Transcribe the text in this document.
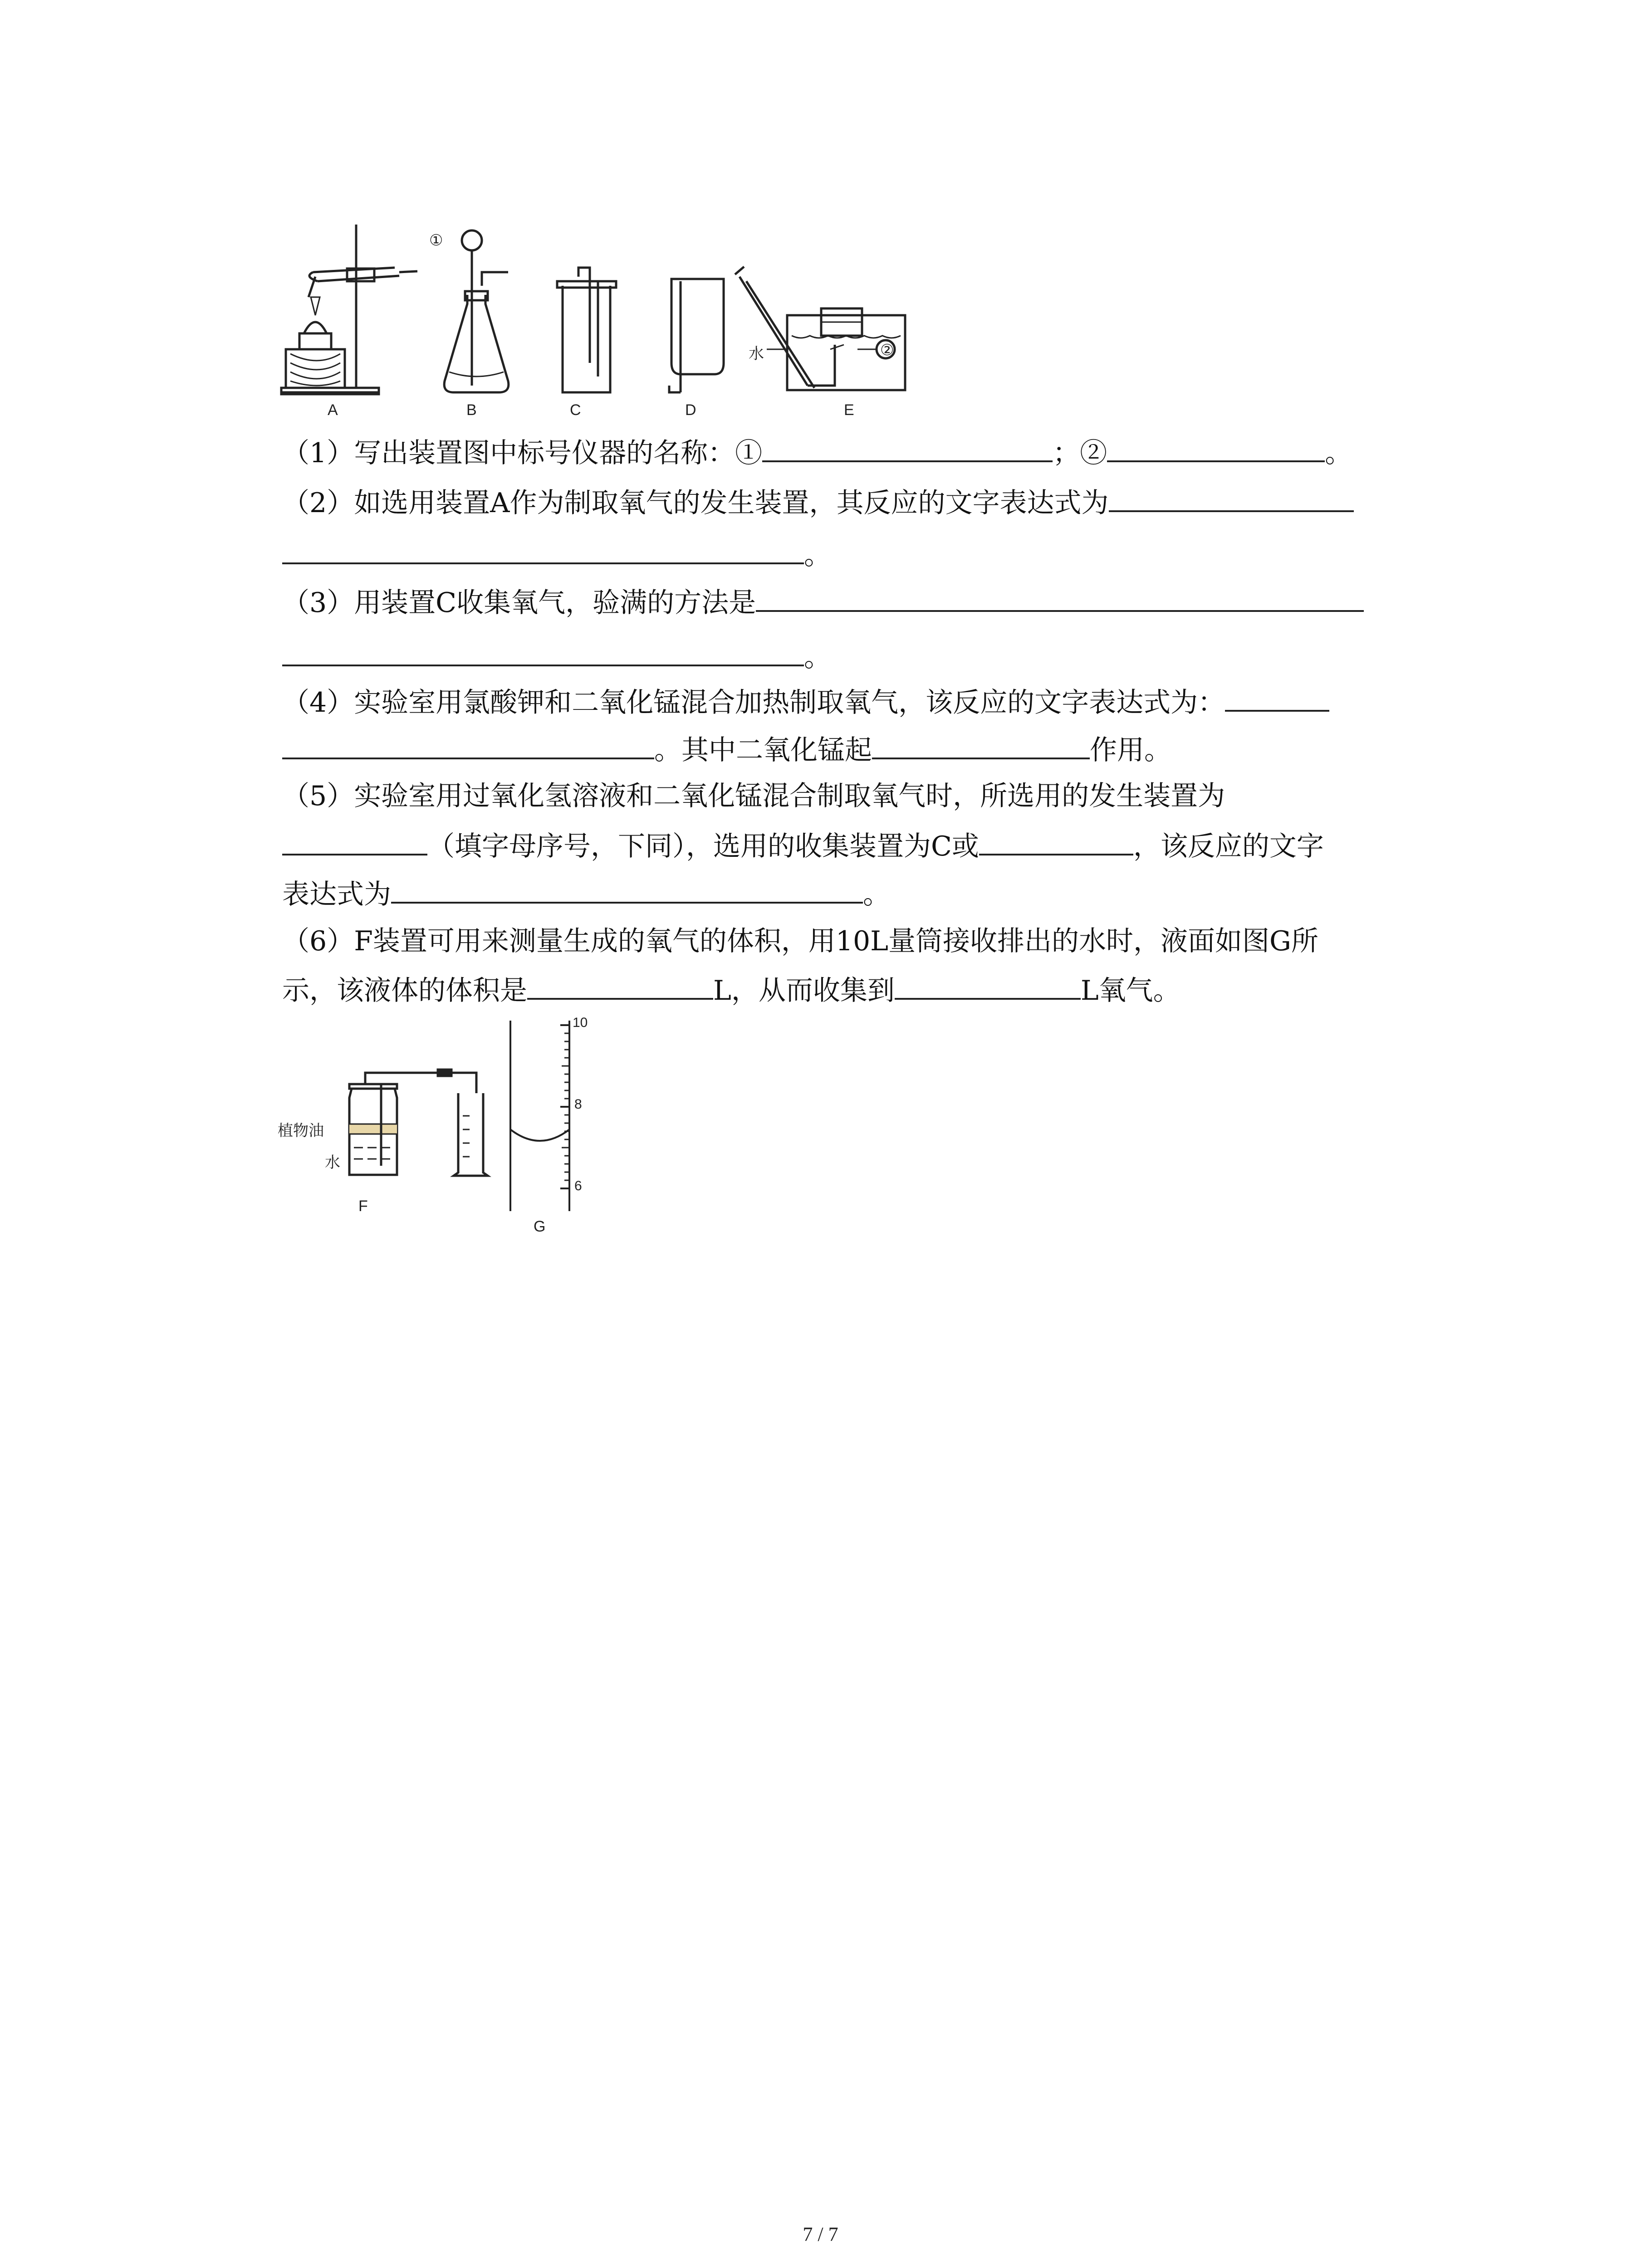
①
②
水
A	B	C	D	E
（1）写出装置图中标号仪器的名称：①	；②	。
（2）如选用装置A作为制取氧气的发生装置，其反应的文字表达式为
。
（3）用装置C收集氧气，验满的方法是
。
（4）实验室用氯酸钾和二氧化锰混合加热制取氧气，该反应的文字表达式为：
。其中二氧化锰起	作用。
（5）实验室用过氧化氢溶液和二氧化锰混合制取氧气时，所选用的发生装置为
（填字母序号，下同），选用的收集装置为C或	，该反应的文字
表达式为	。
（6）F装置可用来测量生成的氧气的体积，用10L量筒接收排出的水时，液面如图G所
示，该液体的体积是	L，从而收集到	L氧气。
植物油
水
F
10
8
6
G
7 / 7
